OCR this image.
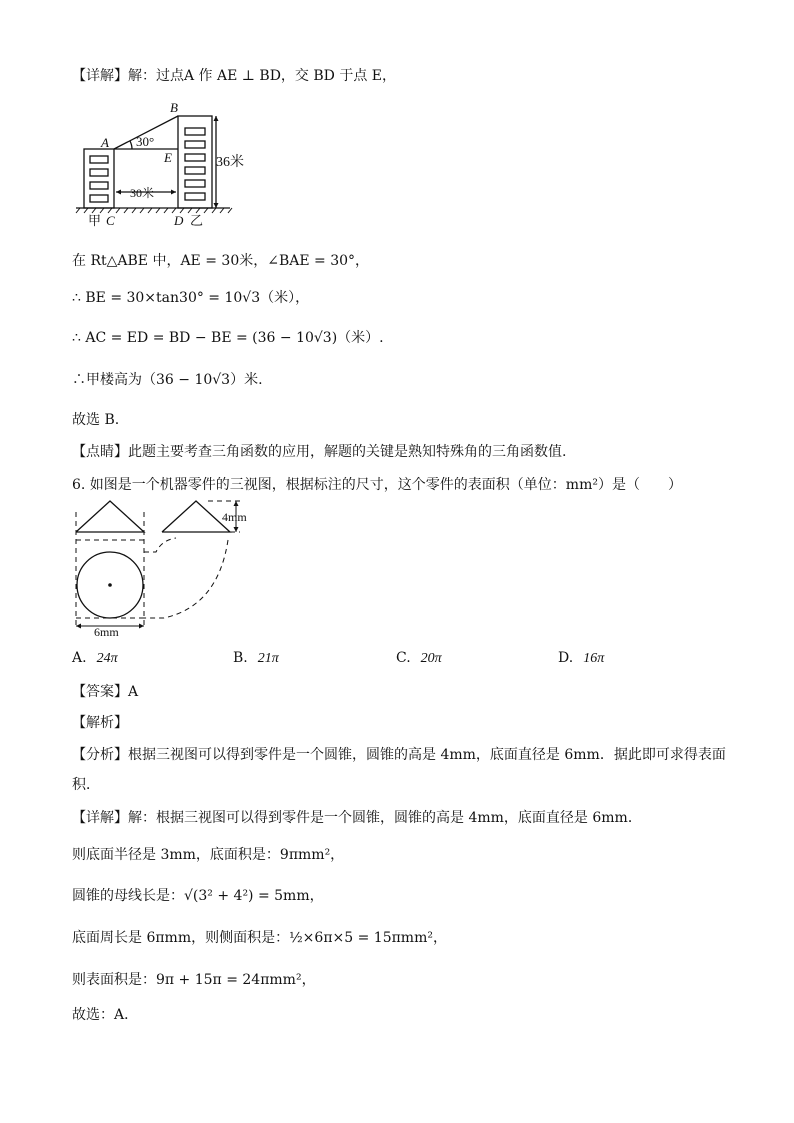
【详解】解：过点A 作 AE ⊥ BD，交 BD 于点 E，
B
A 30°
E
30米
36米
甲 C	D 乙
在 Rt△ABE 中，AE = 30米，∠BAE = 30°，
∴ BE = 30×tan30° = 10√3（米），
∴ AC = ED = BD − BE = (36 − 10√3)（米）.
∴甲楼高为（36 − 10√3）米.
故选 B.
【点睛】此题主要考查三角函数的应用，解题的关键是熟知特殊角的三角函数值.
6. 如图是一个机器零件的三视图，根据标注的尺寸，这个零件的表面积（单位：mm²）是（　　）
4mm
6mm
A. 24π	B. 21π	C. 20π	D. 16π
【答案】A
【解析】
【分析】根据三视图可以得到零件是一个圆锥，圆锥的高是 4mm，底面直径是 6mm．据此即可求得表面
积．
【详解】解：根据三视图可以得到零件是一个圆锥，圆锥的高是 4mm，底面直径是 6mm．
则底面半径是 3mm，底面积是：9πmm²，
圆锥的母线长是：√(3² + 4²) = 5mm，
底面周长是 6πmm，则侧面积是：½×6π×5 = 15πmm²，
则表面积是：9π + 15π = 24πmm²，
故选：A．
